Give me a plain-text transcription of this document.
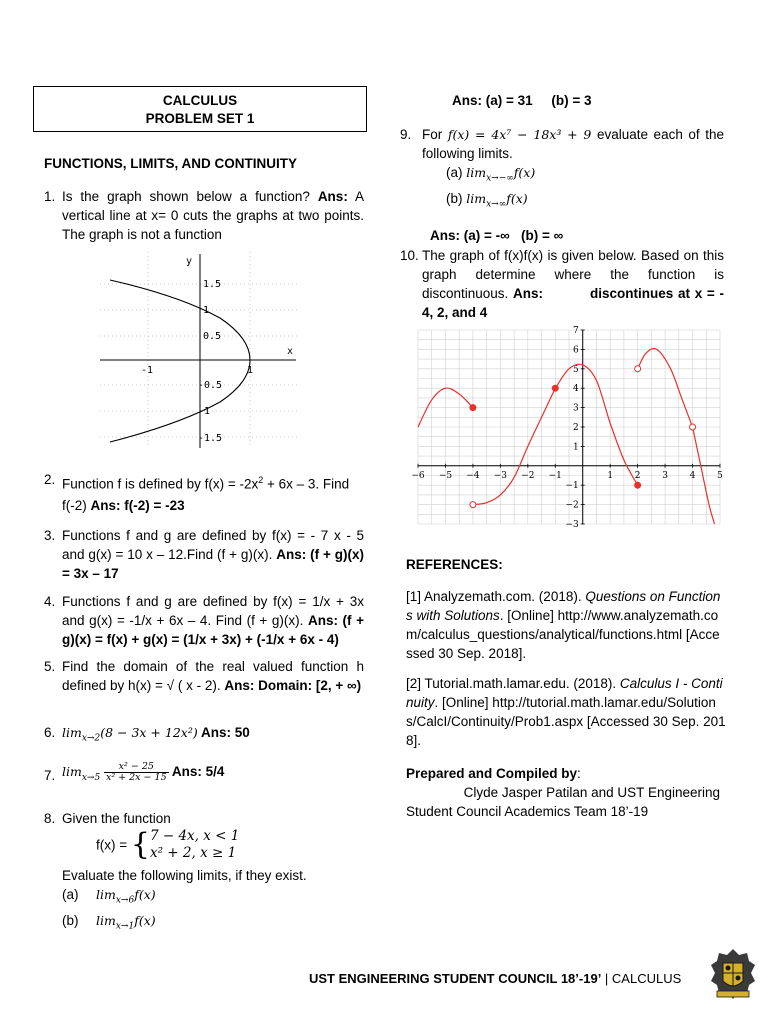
CALCULUS
PROBLEM SET 1
FUNCTIONS, LIMITS, AND CONTINUITY
1. Is the graph shown below a function? Ans: A vertical line at x= 0 cuts the graphs at two points. The graph is not a function
y
x
1.5
1
0.5
-0.5
-1
-1.5
-1	1
2. Function f is defined by $f(x) = -2x^2 + 6x - 3$. Find
f(-2) Ans: f(-2) = -23
3. Functions f and g are defined by f(x) = - 7 x - 5 and g(x) = 10 x – 12.Find (f + g)(x). Ans: (f + g)(x) = 3x – 17
4. Functions f and g are defined by f(x) = 1/x + 3x and g(x) = -1/x + 6x – 4. Find (f + g)(x). Ans: (f + g)(x) = f(x) + g(x) = (1/x + 3x) + (-1/x + 6x - 4)
5. Find the domain of the real valued function h defined by h(x) = √ ( x - 2). Ans: Domain: [2, + ∞)
6. $\lim_{x\to 2}(8 - 3x + 12x^2)$ Ans: 50
7. $\lim_{x\to 5} \frac{\text{x² − 25}}{\text{x² + 2x − 15}}$ Ans: 5/4
8. Given the function
f(x) = { 7 − 4x, x < 1
x² + 2, x ≥ 1
Evaluate the following limits, if they exist.
(a) $\lim_{x\to 6}f(x)$
(b) $\lim_{x\to 1}f(x)$
Ans: (a) = 31     (b) = 3
9. For f(x) = 4x⁷ − 18x³ + 9 evaluate each of the following limits.
(a) $\lim_{x\to-\infty}f(x)$
(b) $\lim_{x\to\infty}f(x)$
Ans: (a) = -∞ (b) = ∞
10. The graph of f(x)f(x) is given below. Based on this graph determine where the function is discontinuous. Ans:	discontinues at x = - 4, 2, and 4
−6 −5 −4 −3 −2 −1	1 2 3 4 5
7
6
5
4
3
2
1
−1
−2
−3
REFERENCES:
[1] Analyzemath.com. (2018). Questions on Functions with Solutions. [Online] http://www.analyzemath.com/calculus_questions/analytical/functions.html [Accessed 30 Sep. 2018].
[2] Tutorial.math.lamar.edu. (2018). Calculus I - Continuity. [Online] http://tutorial.math.lamar.edu/Solutions/CalcI/Continuity/Prob1.aspx [Accessed 30 Sep. 2018].
Prepared and Compiled by:
Clyde Jasper Patilan and UST Engineering
Student Council Academics Team 18’-19
UST ENGINEERING STUDENT COUNCIL 18’-19’ | CALCULUS
